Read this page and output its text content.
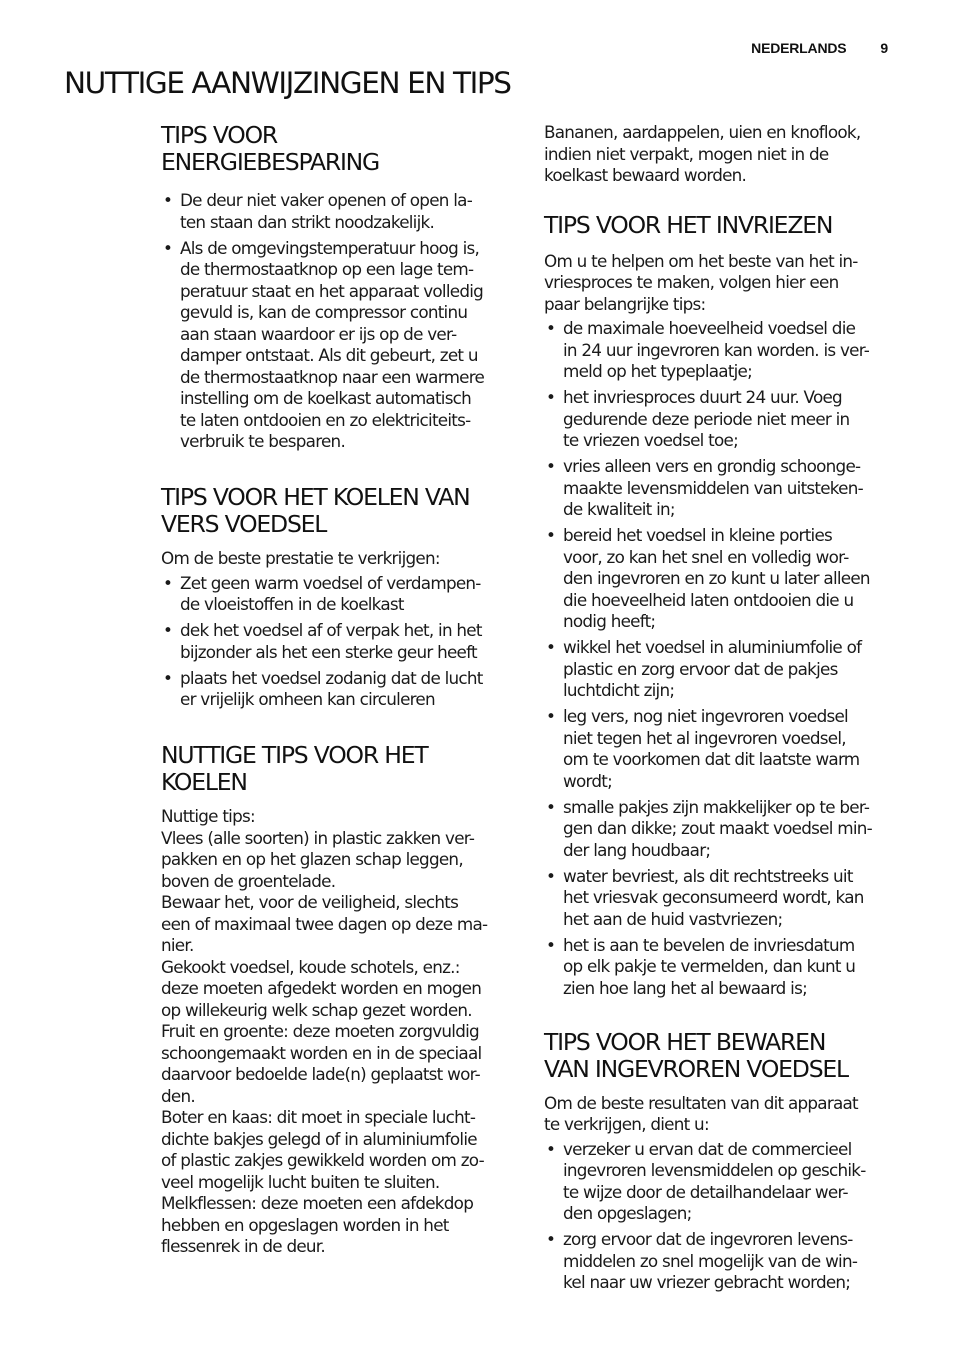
NEDERLANDS 9
NUTTIGE AANWIJZINGEN EN TIPS
TIPS VOOR
ENERGIEBESPARING
• De deur niet vaker openen of open la-
ten staan dan strikt noodzakelijk.
• Als de omgevingstemperatuur hoog is,
de thermostaatknop op een lage tem-
peratuur staat en het apparaat volledig
gevuld is, kan de compressor continu
aan staan waardoor er ijs op de ver-
damper ontstaat. Als dit gebeurt, zet u
de thermostaatknop naar een warmere
instelling om de koelkast automatisch
te laten ontdooien en zo elektriciteits-
verbruik te besparen.
TIPS VOOR HET KOELEN VAN
VERS VOEDSEL

Om de beste prestatie te verkrijgen:

• Zet geen warm voedsel of verdampen-
de vloeistoffen in de koelkast
• dek het voedsel af of verpak het, in het
bijzonder als het een sterke geur heeft
• plaats het voedsel zodanig dat de lucht
er vrijelijk omheen kan circuleren
NUTTIGE TIPS VOOR HET
KOELEN

Nuttige tips:
Vlees (alle soorten) in plastic zakken ver-
pakken en op het glazen schap leggen,
boven de groentelade.
Bewaar het, voor de veiligheid, slechts
een of maximaal twee dagen op deze ma-
nier.
Gekookt voedsel, koude schotels, enz.:
deze moeten afgedekt worden en mogen
op willekeurig welk schap gezet worden.
Fruit en groente: deze moeten zorgvuldig
schoongemaakt worden en in de speciaal
daarvoor bedoelde lade(n) geplaatst wor-
den.
Boter en kaas: dit moet in speciale lucht-
dichte bakjes gelegd of in aluminiumfolie
of plastic zakjes gewikkeld worden om zo-
veel mogelijk lucht buiten te sluiten.
Melkflessen: deze moeten een afdekdop
hebben en opgeslagen worden in het
flessenrek in de deur.

Bananen, aardappelen, uien en knoflook,
indien niet verpakt, mogen niet in de
koelkast bewaard worden.

TIPS VOOR HET INVRIEZEN

Om u te helpen om het beste van het in-
vriesproces te maken, volgen hier een
paar belangrijke tips:

• de maximale hoeveelheid voedsel die
in 24 uur ingevroren kan worden. is ver-
meld op het typeplaatje;
• het invriesproces duurt 24 uur. Voeg
gedurende deze periode niet meer in
te vriezen voedsel toe;
• vries alleen vers en grondig schoonge-
maakte levensmiddelen van uitsteken-
de kwaliteit in;
• bereid het voedsel in kleine porties
voor, zo kan het snel en volledig wor-
den ingevroren en zo kunt u later alleen
die hoeveelheid laten ontdooien die u
nodig heeft;
• wikkel het voedsel in aluminiumfolie of
plastic en zorg ervoor dat de pakjes
luchtdicht zijn;
• leg vers, nog niet ingevroren voedsel
niet tegen het al ingevroren voedsel,
om te voorkomen dat dit laatste warm
wordt;
• smalle pakjes zijn makkelijker op te ber-
gen dan dikke; zout maakt voedsel min-
der lang houdbaar;
• water bevriest, als dit rechtstreeks uit
het vriesvak geconsumeerd wordt, kan
het aan de huid vastvriezen;
• het is aan te bevelen de invriesdatum
op elk pakje te vermelden, dan kunt u
zien hoe lang het al bewaard is;
TIPS VOOR HET BEWAREN
VAN INGEVROREN VOEDSEL

Om de beste resultaten van dit apparaat
te verkrijgen, dient u:

• verzeker u ervan dat de commercieel
ingevroren levensmiddelen op geschik-
te wijze door de detailhandelaar wer-
den opgeslagen;
• zorg ervoor dat de ingevroren levens-
middelen zo snel mogelijk van de win-
kel naar uw vriezer gebracht worden;
